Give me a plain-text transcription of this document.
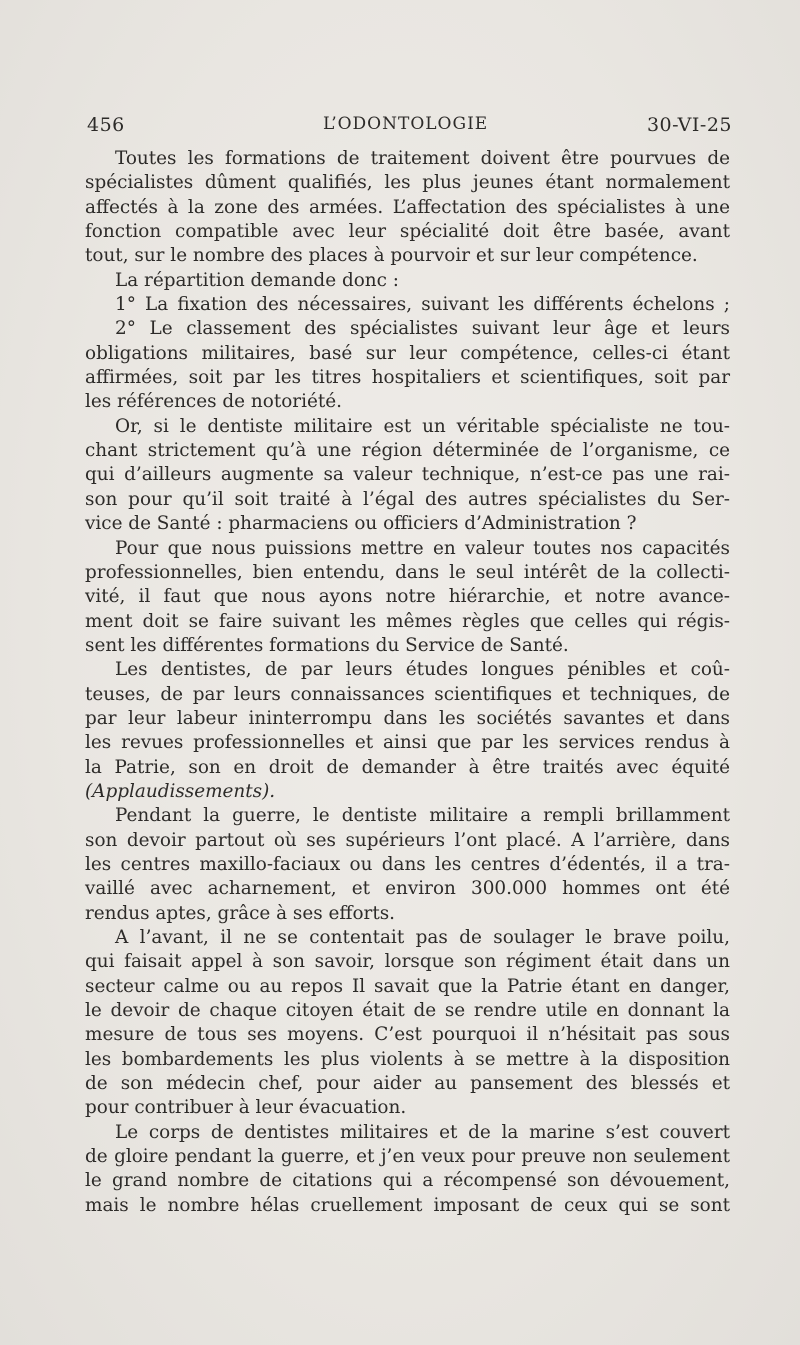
456	L’ODONTOLOGIE	30-VI-25
Toutes les formations de traitement doivent être pourvues de
spécialistes dûment qualifiés, les plus jeunes étant normalement
affectés à la zone des armées. L’affectation des spécialistes à une
fonction compatible avec leur spécialité doit être basée, avant
tout, sur le nombre des places à pourvoir et sur leur compétence.
La répartition demande donc :
1° La fixation des nécessaires, suivant les différents échelons ;
2° Le classement des spécialistes suivant leur âge et leurs
obligations militaires, basé sur leur compétence, celles-ci étant
affirmées, soit par les titres hospitaliers et scientifiques, soit par
les références de notoriété.
Or, si le dentiste militaire est un véritable spécialiste ne tou-
chant strictement qu’à une région déterminée de l’organisme, ce
qui d’ailleurs augmente sa valeur technique, n’est-ce pas une rai-
son pour qu’il soit traité à l’égal des autres spécialistes du Ser-
vice de Santé : pharmaciens ou officiers d’Administration ?
Pour que nous puissions mettre en valeur toutes nos capacités
professionnelles, bien entendu, dans le seul intérêt de la collecti-
vité, il faut que nous ayons notre hiérarchie, et notre avance-
ment doit se faire suivant les mêmes règles que celles qui régis-
sent les différentes formations du Service de Santé.
Les dentistes, de par leurs études longues pénibles et coû-
teuses, de par leurs connaissances scientifiques et techniques, de
par leur labeur ininterrompu dans les sociétés savantes et dans
les revues professionnelles et ainsi que par les services rendus à
la Patrie, son en droit de demander à être traités avec équité
(Applaudissements).
Pendant la guerre, le dentiste militaire a rempli brillamment
son devoir partout où ses supérieurs l’ont placé. A l’arrière, dans
les centres maxillo-faciaux ou dans les centres d’édentés, il a tra-
vaillé avec acharnement, et environ 300.000 hommes ont été
rendus aptes, grâce à ses efforts.
A l’avant, il ne se contentait pas de soulager le brave poilu,
qui faisait appel à son savoir, lorsque son régiment était dans un
secteur calme ou au repos Il savait que la Patrie étant en danger,
le devoir de chaque citoyen était de se rendre utile en donnant la
mesure de tous ses moyens. C’est pourquoi il n’hésitait pas sous
les bombardements les plus violents à se mettre à la disposition
de son médecin chef, pour aider au pansement des blessés et
pour contribuer à leur évacuation.
Le corps de dentistes militaires et de la marine s’est couvert
de gloire pendant la guerre, et j’en veux pour preuve non seulement
le grand nombre de citations qui a récompensé son dévouement,
mais le nombre hélas cruellement imposant de ceux qui se sont
